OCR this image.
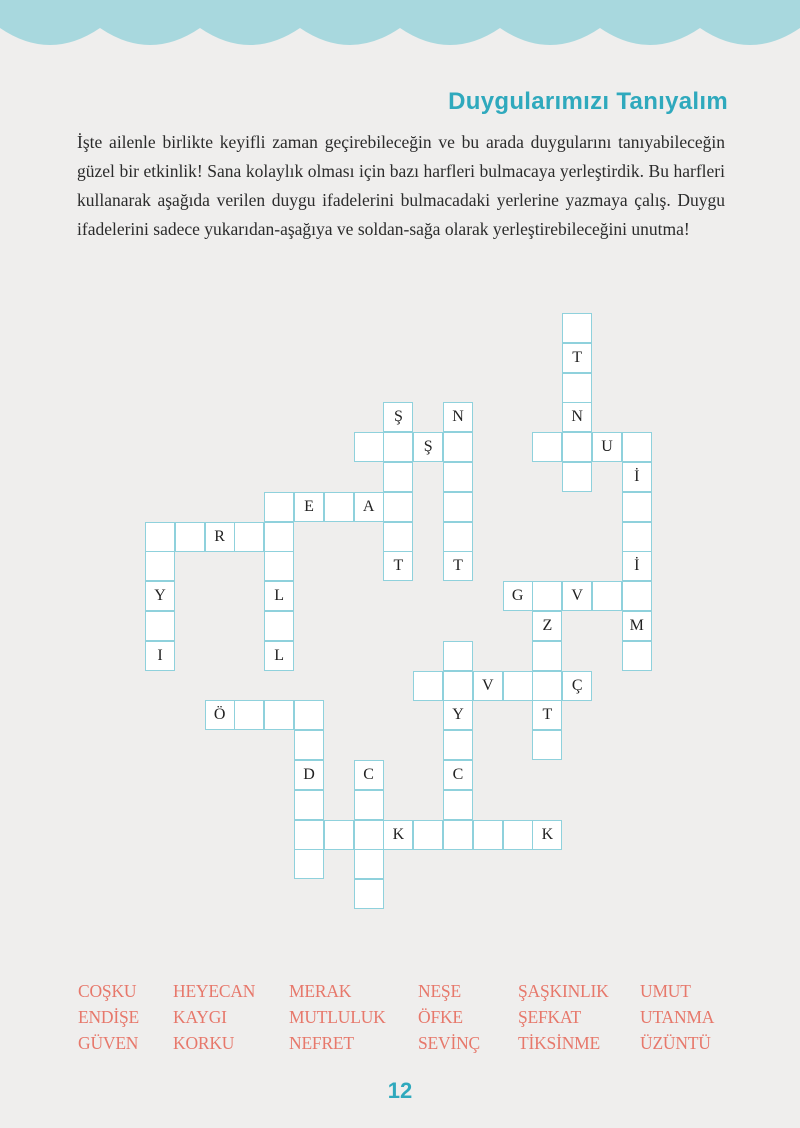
Duygularımızı Tanıyalım
İşte ailenle birlikte keyifli zaman geçirebileceğin ve bu arada duygularını tanıyabileceğin güzel bir etkinlik! Sana kolaylık olması için bazı harfleri bulmacaya yerleştirdik. Bu harfleri kullanarak aşağıda verilen duygu ifadelerini bulmacadaki yerlerine yazmaya çalış. Duygu ifadelerini sadece yukarıdan-aşağıya ve soldan-sağa olarak yerleştirebileceğini unutma!
T
Ş	N	N
Ş	U
İ
E	A
R
T	T	İ
Y	L	G	V
Z	M
I	L
V	Ç
Ö	Y	T
D	C	C
K	K
COŞKU
ENDİŞE
GÜVEN
HEYECAN
KAYGI
KORKU
MERAK
MUTLULUK
NEFRET
NEŞE
ÖFKE
SEVİNÇ
ŞAŞKINLIK
ŞEFKAT
TİKSİNME
UMUT
UTANMA
ÜZÜNTÜ
12
